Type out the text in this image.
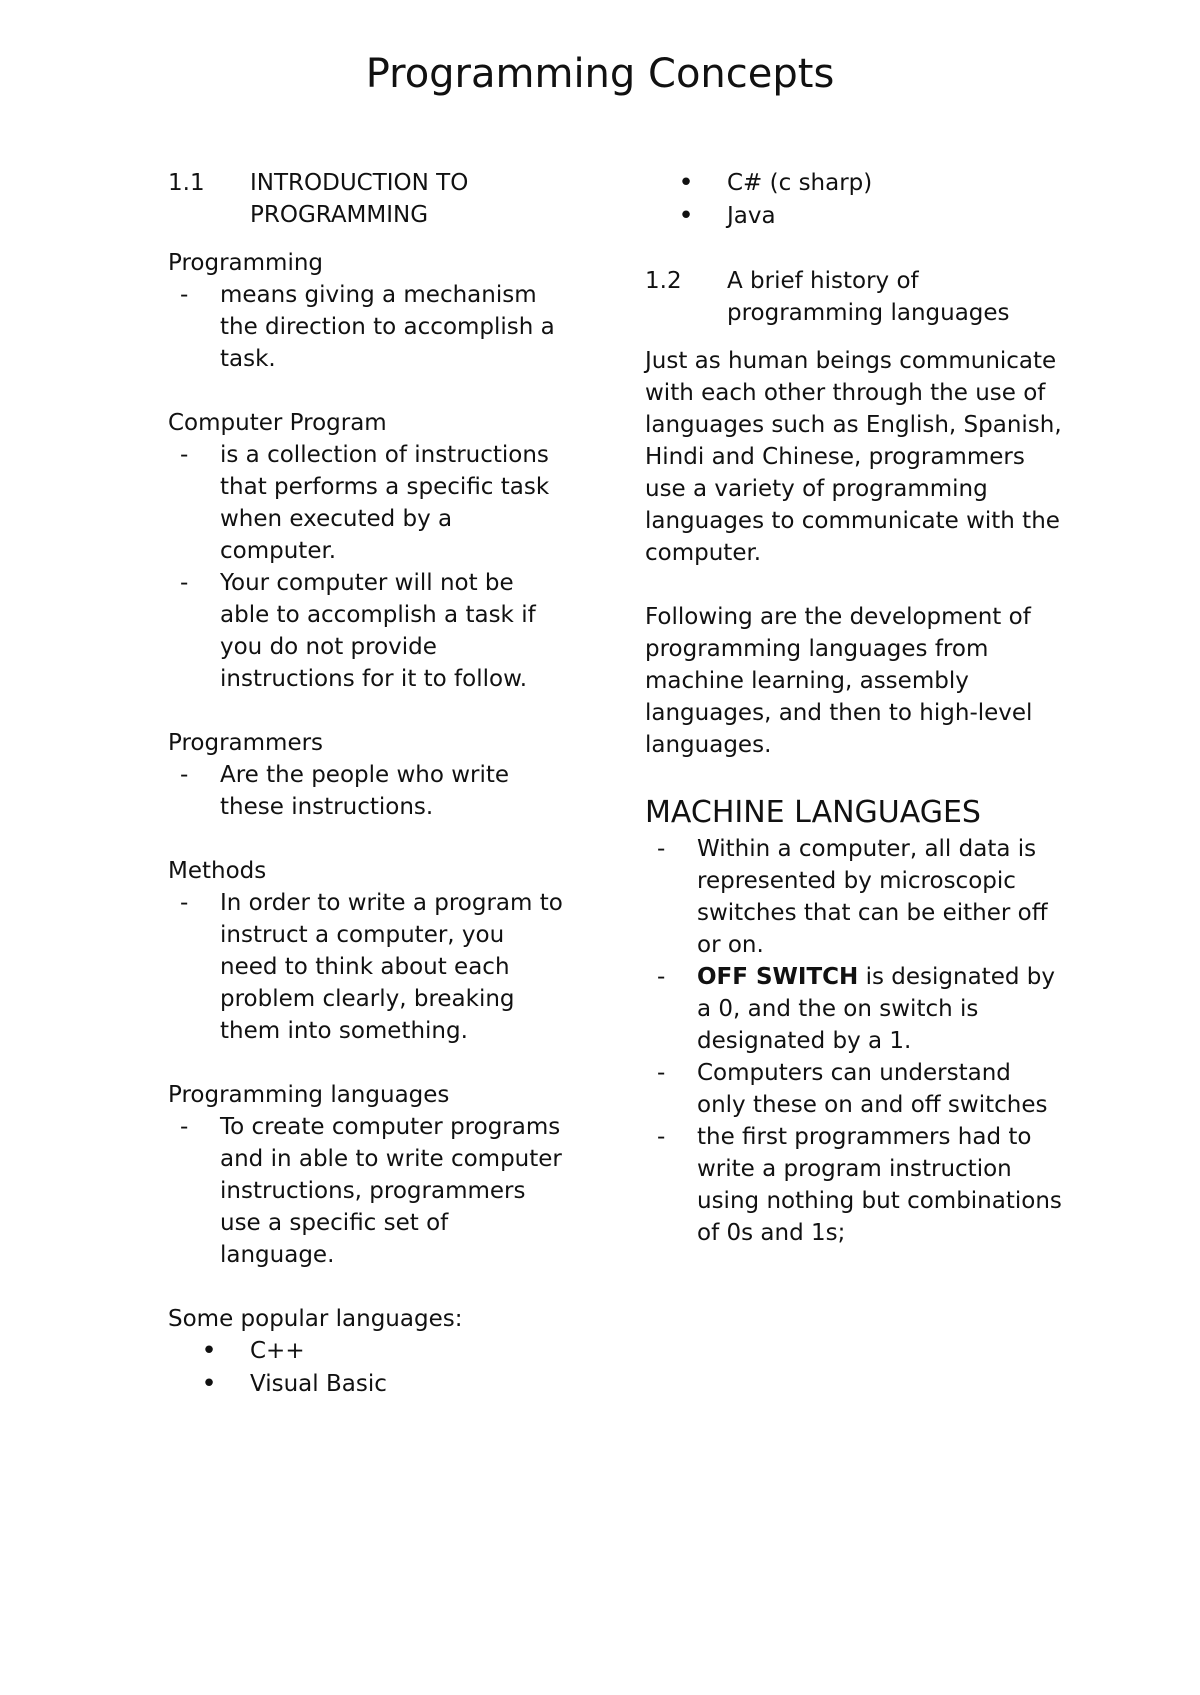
Programming Concepts
1.1	INTRODUCTION TO PROGRAMMING

Programming

-	means giving a mechanism the direction to accomplish a task.

Computer Program

-	is a collection of instructions that performs a specific task when executed by a computer.
-	Your computer will not be able to accomplish a task if you do not provide instructions for it to follow.

Programmers

-	Are the people who write these instructions.

Methods

-	In order to write a program to instruct a computer, you need to think about each problem clearly, breaking them into something.

Programming languages

-	To create computer programs and in able to write computer instructions, programmers use a specific set of language.

Some popular languages:

•
C++
•
Visual Basic
•
C# (c sharp)
•
Java
1.2	A brief history of programming languages

Just as human beings communicate with each other through the use of languages such as English, Spanish, Hindi and Chinese, programmers use a variety of programming languages to communicate with the computer.

Following are the development of programming languages from machine learning, assembly languages, and then to high-level languages.

MACHINE LANGUAGES
-	Within a computer, all data is represented by microscopic switches that can be either off or on.
-	OFF SWITCH is designated by a 0, and the on switch is designated by a 1.
-	Computers can understand only these on and off switches
-	the first programmers had to write a program instruction using nothing but combinations of 0s and 1s;
